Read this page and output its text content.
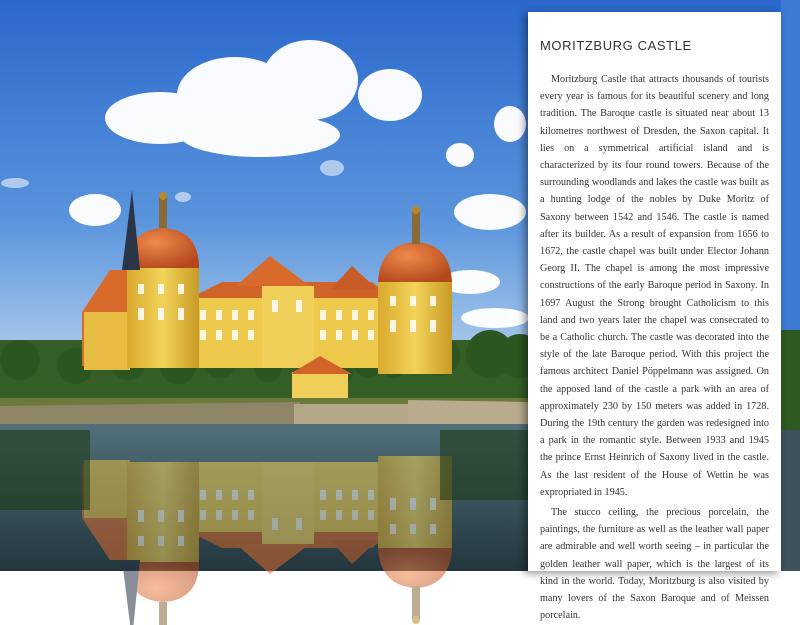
MORITZBURG CASTLE

Moritzburg Castle that attracts thousands of tourists every year is famous for its beautiful scenery and long tradition. The Baroque castle is situated near about 13 kilometres northwest of Dresden, the Saxon capital. It lies on a symmetrical artificial island and is characterized by its four round towers. Because of the surrounding woodlands and lakes the castle was built as a hunting lodge of the nobles by Duke Moritz of Saxony between 1542 and 1546. The castle is named after its builder. As a result of expansion from 1656 to 1672, the castle chapel was built under Elector Johann Georg II. The chapel is among the most impressive constructions of the early Baroque period in Saxony. In 1697 August the Strong brought Catholicism to this land and two years later the chapel was consecrated to be a Catholic church. The castle was decorated into the style of the late Baroque period. With this project the famous architect Daniel Pöppelmann was assigned. On the apposed land of the castle a park with an area of approximately 230 by 150 meters was added in 1728. During the 19th century the garden was redesigned into a park in the romantic style. Between 1933 and 1945 the prince Ernst Heinrich of Saxony lived in the castle. As the last resident of the House of Wettin he was expropriated in 1945.

The stucco ceiling, the precious porcelain, the paintings, the furniture as well as the leather wall paper are admirable and well worth seeing – in particular the golden leather wall paper, which is the largest of its kind in the world. Today, Moritzburg is also visited by many lovers of the Saxon Baroque and of Meissen porcelain.
